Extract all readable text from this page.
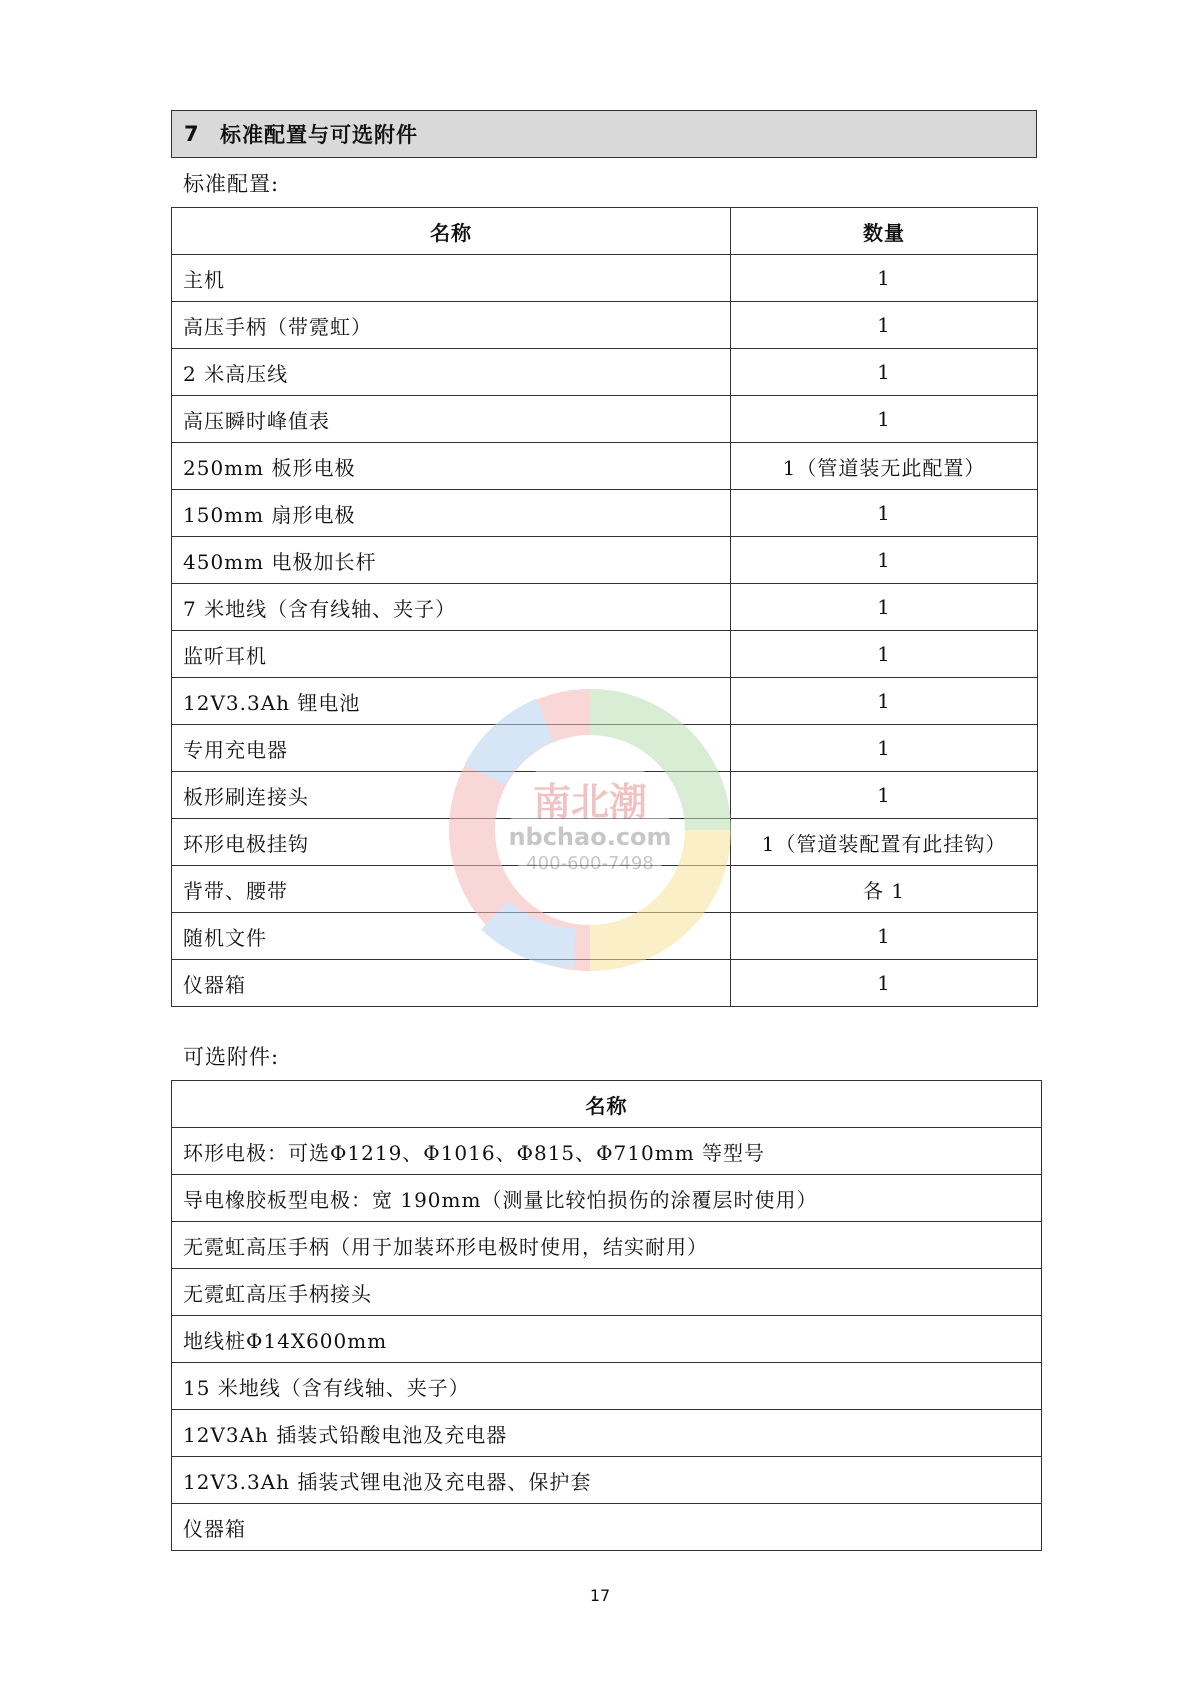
7 标准配置与可选附件
标准配置:
名称	数量
主机	1
高压手柄（带霓虹）	1
2 米高压线	1
高压瞬时峰值表	1
250mm 板形电极	1（管道装无此配置）
150mm 扇形电极	1
450mm 电极加长杆	1
7 米地线（含有线轴、夹子）	1
监听耳机	1
12V3.3Ah 锂电池	1
专用充电器	1
板形刷连接头	1
环形电极挂钩	1（管道装配置有此挂钩）
背带、腰带	各 1
随机文件	1
仪器箱	1
可选附件:
名称
环形电极：可选Φ1219、Φ1016、Φ815、Φ710mm 等型号
导电橡胶板型电极：宽 190mm（测量比较怕损伤的涂覆层时使用）
无霓虹高压手柄（用于加装环形电极时使用，结实耐用）
无霓虹高压手柄接头
地线桩Φ14X600mm
15 米地线（含有线轴、夹子）
12V3Ah 插装式铅酸电池及充电器
12V3.3Ah 插装式锂电池及充电器、保护套
仪器箱
南北潮
nbchao.com
400-600-7498
17
